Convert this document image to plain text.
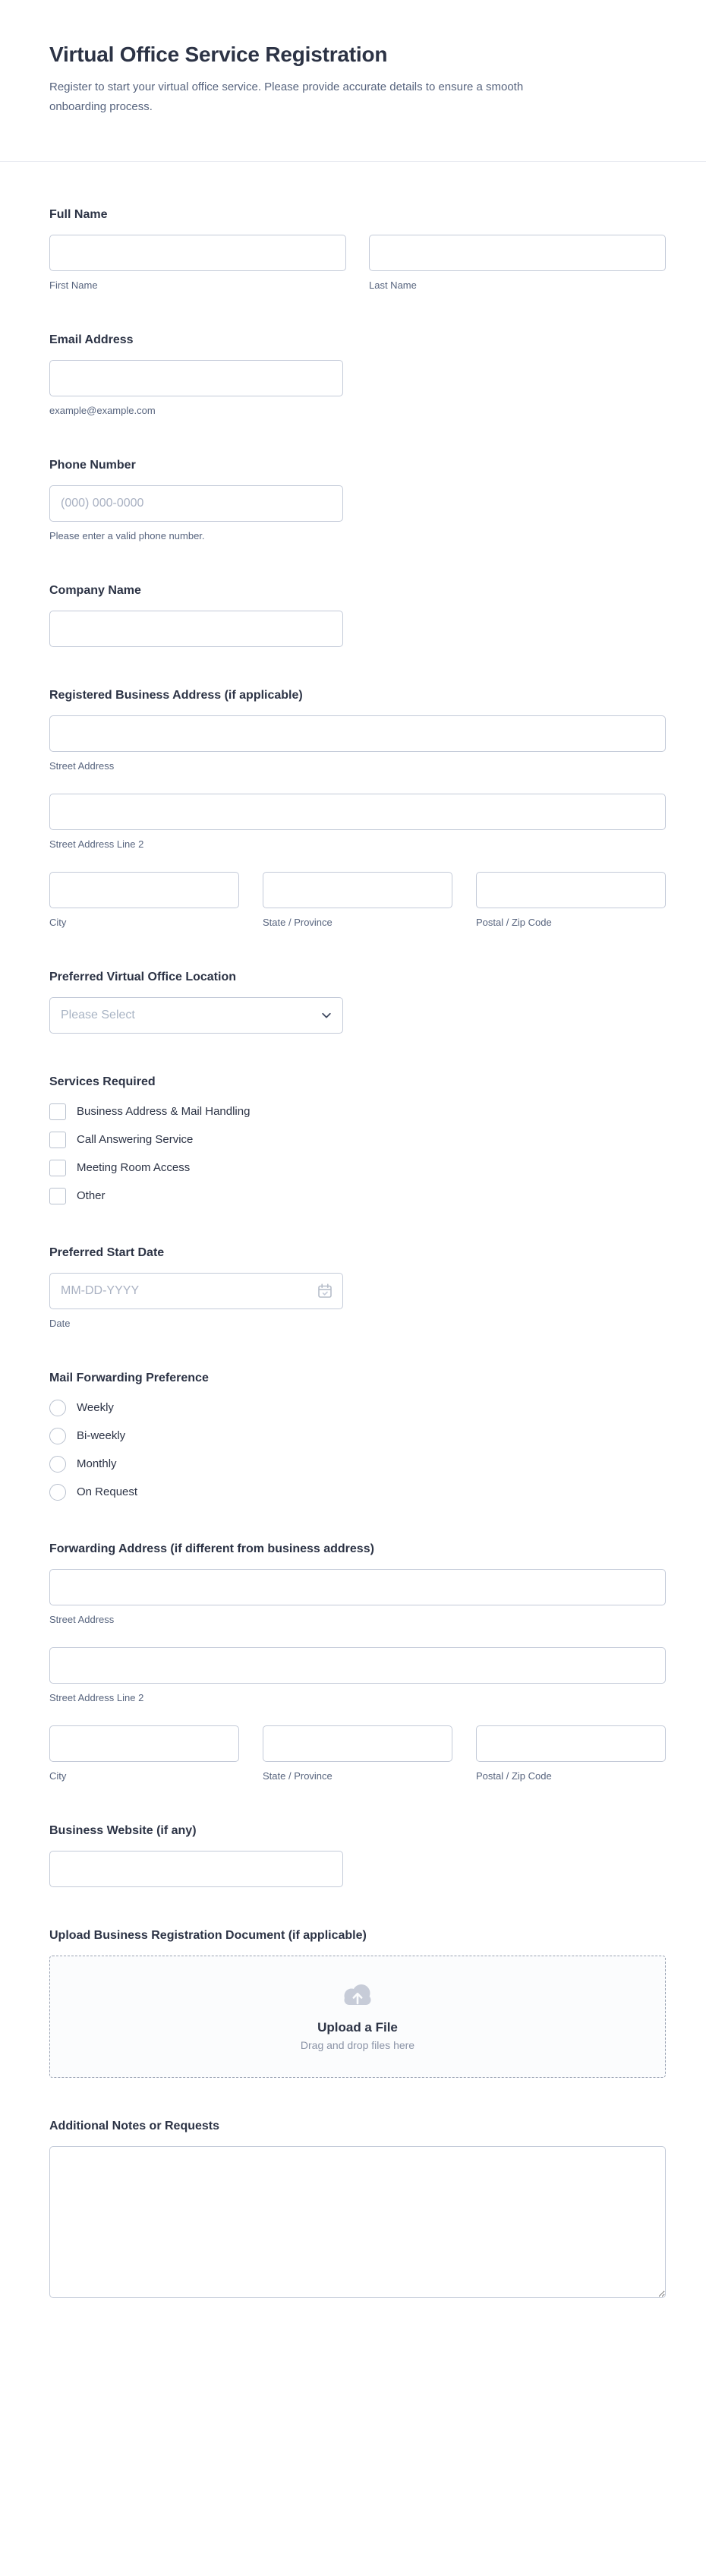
Virtual Office Service Registration

Register to start your virtual office service. Please provide accurate details to ensure a smooth onboarding process.

Full Name
First Name	Last Name
Email Address
example@example.com
Phone Number
(000) 000-0000
Please enter a valid phone number.
Company Name
Registered Business Address (if applicable)
Street Address
Street Address Line 2
City	State / Province	Postal / Zip Code
Preferred Virtual Office Location
Please Select
Services Required
Business Address & Mail Handling
Call Answering Service
Meeting Room Access
Other
Preferred Start Date
MM-DD-YYYY
Date
Mail Forwarding Preference
Weekly
Bi-weekly
Monthly
On Request
Forwarding Address (if different from business address)
Street Address
Street Address Line 2
City	State / Province	Postal / Zip Code
Business Website (if any)
Upload Business Registration Document (if applicable)
Upload a File
Drag and drop files here
Additional Notes or Requests
